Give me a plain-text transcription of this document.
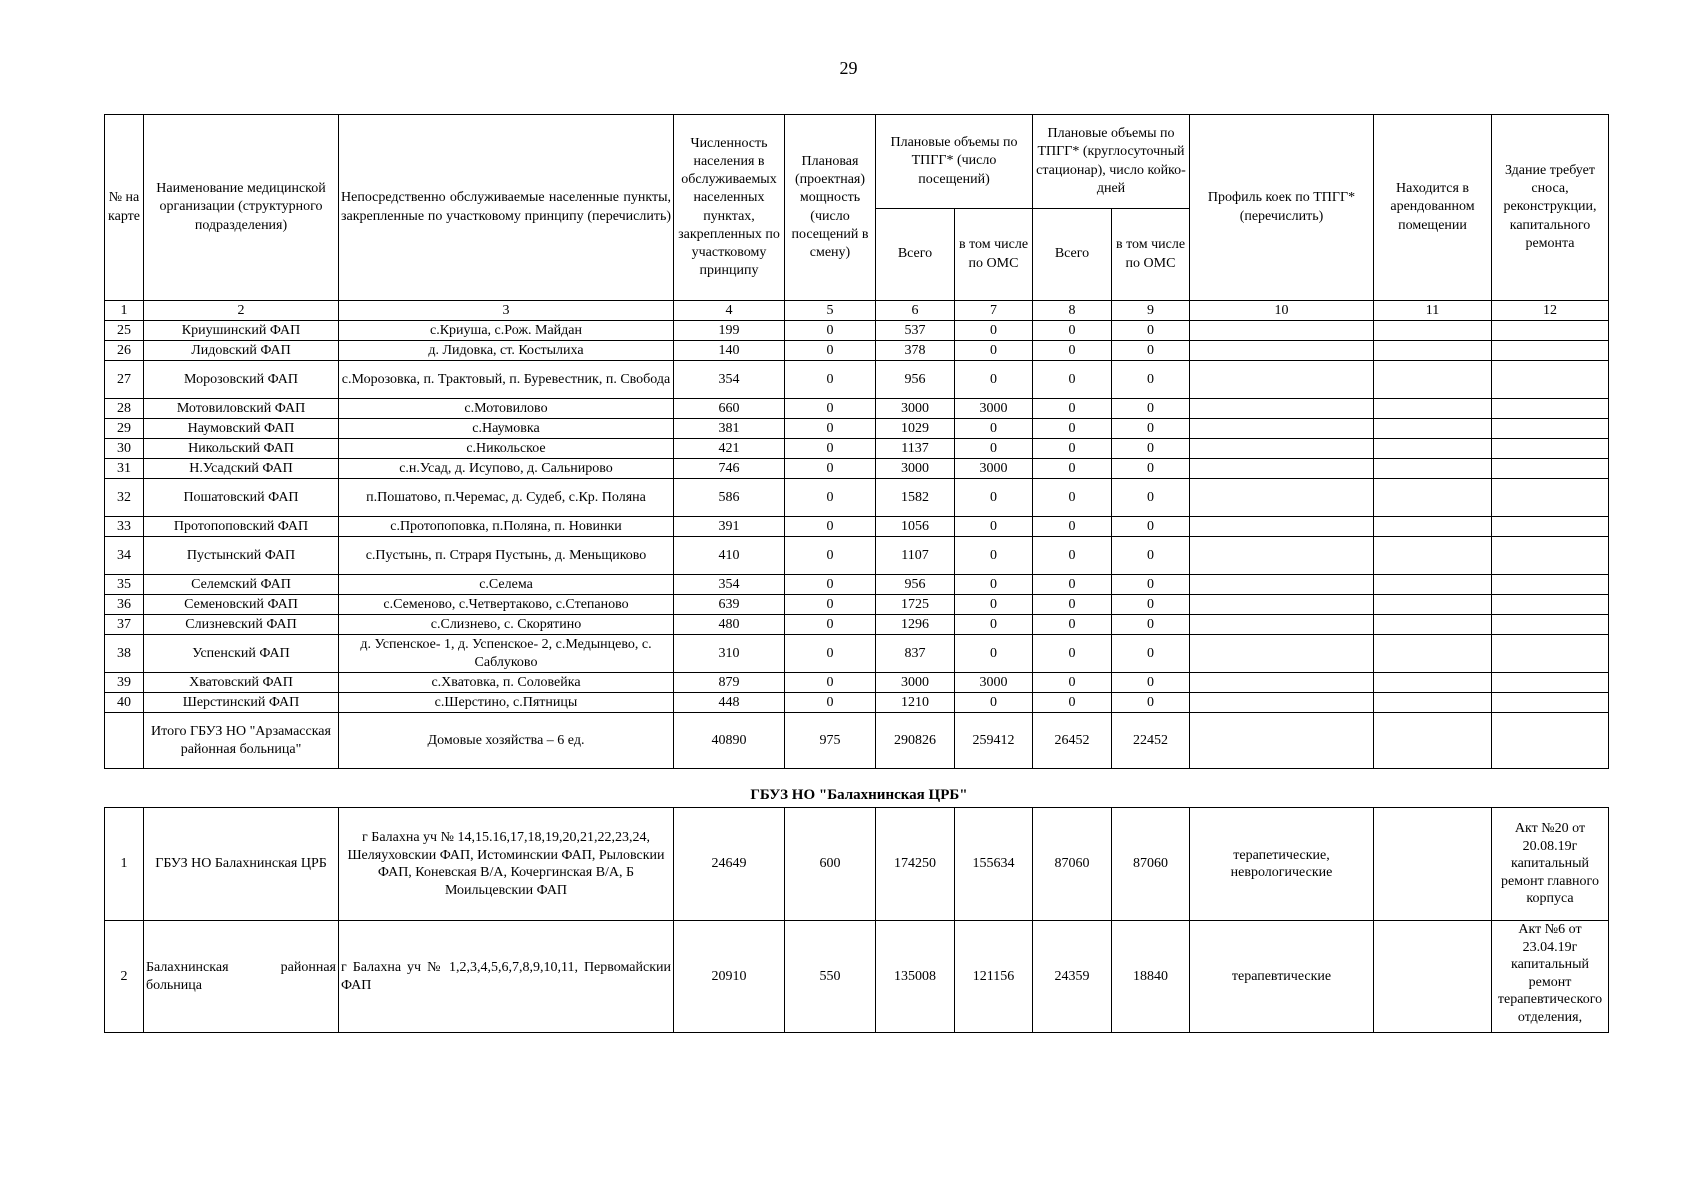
29
№ на карте	Наименование медицинской организации (структурного подразделения)	Непосредственно обслуживаемые населенные пункты, закрепленные по участковому принципу (перечислить)	Численность населения в обслуживаемых населенных пунктах, закрепленных по участковому принципу	Плановая (проектная) мощность (число посещений в смену)	Плановые объемы по ТПГГ* (число посещений)		Плановые объемы по ТПГГ* (круглосуточный стационар), число койко-дней		Профиль коек по ТПГГ* (перечислить)	Находится в арендованном помещении	Здание требует сноса, реконструкции, капитального ремонта
					Всего	в том числе по ОМС	Всего	в том числе по ОМС			
1	2	3	4	5	6	7	8	9	10	11	12
25	Криушинский ФАП	с.Криуша, с.Рож. Майдан	199	0	537	0	0	0			
26	Лидовский ФАП	д. Лидовка, ст. Костылиха	140	0	378	0	0	0			
27	Морозовский ФАП	с.Морозовка, п. Трактовый, п. Буревестник, п. Свобода	354	0	956	0	0	0			
28	Мотовиловский ФАП	с.Мотовилово	660	0	3000	3000	0	0			
29	Наумовский ФАП	с.Наумовка	381	0	1029	0	0	0			
30	Никольский ФАП	с.Никольское	421	0	1137	0	0	0			
31	Н.Усадский ФАП	с.н.Усад, д. Исупово, д. Сальнирово	746	0	3000	3000	0	0			
32	Пошатовский ФАП	п.Пошатово, п.Черемас, д. Судеб, с.Кр. Поляна	586	0	1582	0	0	0			
33	Протопоповский ФАП	с.Протопоповка, п.Поляна, п. Новинки	391	0	1056	0	0	0			
34	Пустынский ФАП	с.Пустынь, п. Страря Пустынь, д. Меньщиково	410	0	1107	0	0	0			
35	Селемский ФАП	с.Селема	354	0	956	0	0	0			
36	Семеновский ФАП	с.Семеново, с.Четвертаково, с.Степаново	639	0	1725	0	0	0			
37	Слизневский ФАП	с.Слизнево, с. Скорятино	480	0	1296	0	0	0			
38	Успенский ФАП	д. Успенское- 1, д. Успенское- 2, с.Медынцево, с. Саблуково	310	0	837	0	0	0			
39	Хватовский ФАП	с.Хватовка, п. Соловейка	879	0	3000	3000	0	0			
40	Шерстинский ФАП	с.Шерстино, с.Пятницы	448	0	1210	0	0	0			
	Итого ГБУЗ НО "Арзамасская районная больница"	Домовые хозяйства – 6 ед.	40890	975	290826	259412	26452	22452			
ГБУЗ НО "Балахнинская ЦРБ"
1	ГБУЗ НО Балахнинская ЦРБ	г Балахна уч № 14,15.16,17,18,19,20,21,22,23,24, Шеляуховскии ФАП, Истоминскии ФАП, Рыловскии ФАП, Коневская В/А, Кочергинская В/А, Б Моильцевскии ФАП	24649	600	174250	155634	87060	87060	терапетические, неврологические		Акт №20 от 20.08.19г капитальный ремонт главного корпуса
2	Балахнинская районная больница	г Балахна уч № 1,2,3,4,5,6,7,8,9,10,11, Первомайскии ФАП	20910	550	135008	121156	24359	18840	терапевтические		Акт №6 от 23.04.19г капитальный ремонт терапевтического отделения,
